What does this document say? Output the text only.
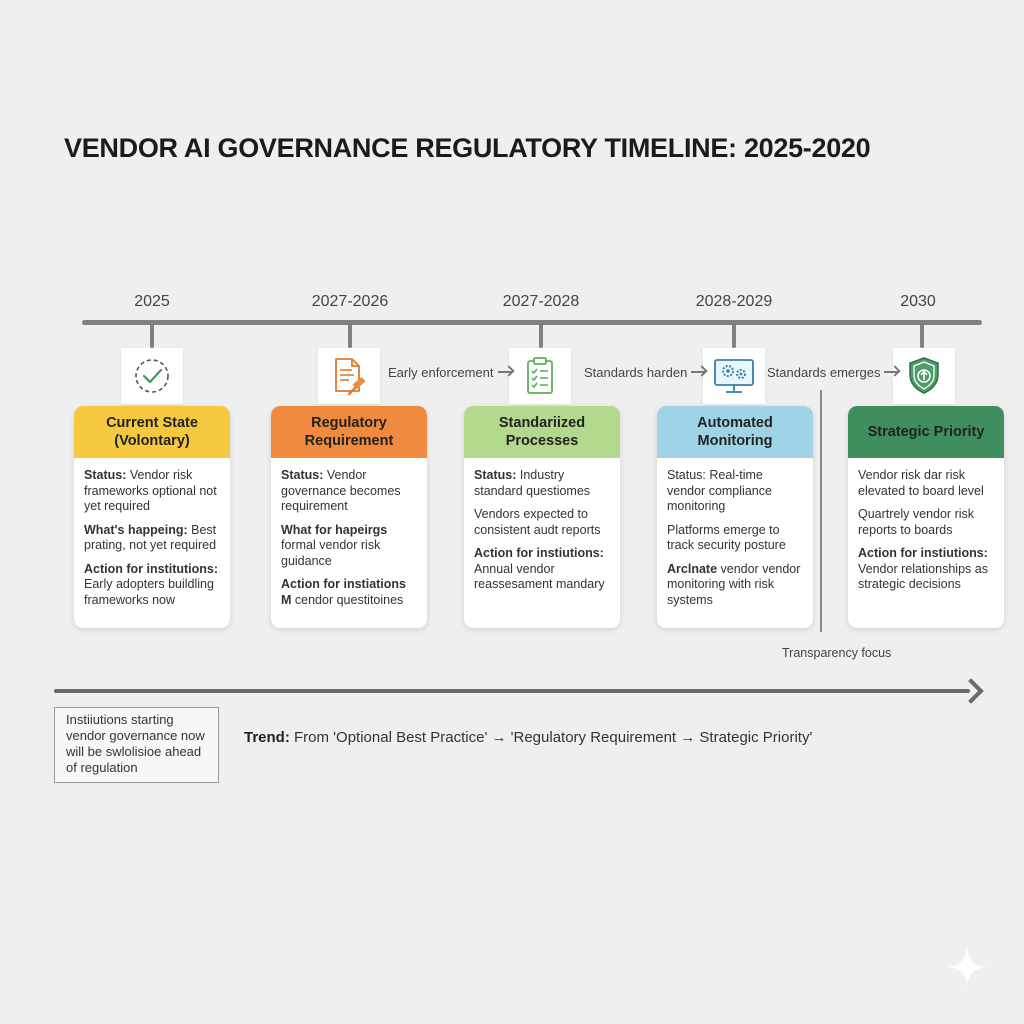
VENDOR AI GOVERNANCE REGULATORY TIMELINE: 2025-2020
2025	2027-2026	2027-2028	2028-2029	2030
Early enforcement	Standards harden	Standards emerges
Current State (Volontary)

Status: Vendor risk frameworks optional not yet required

What's happeing: Best prating, not yet required

Action for institutions: Early adopters buildling frameworks now

Regulatory Requirement

Status: Vendor governance becomes requirement

What for hapeirgs formal vendor risk guidance

Action for instiations M cendor questitoines

Standariized Processes

Status: Industry standard questiomes

Vendors expected to consistent audt reports

Action for instiutions: Annual vendor reassesament mandary

Automated Monitoring

Status: Real-time vendor compliance monitoring

Platforms emerge to track security posture

Arclnate vendor vendor monitoring with risk systems

Strategic Priority

Vendor risk dar risk elevated to board level

Quartrely vendor risk reports to boards

Action for instiutions: Vendor relationships as strategic decisions

Transparency focus
Instiiutions starting vendor governance now will be swlolisioe ahead of regulation
Trend: From 'Optional Best Practice' → 'Regulatory Requirement → Strategic Priority'
